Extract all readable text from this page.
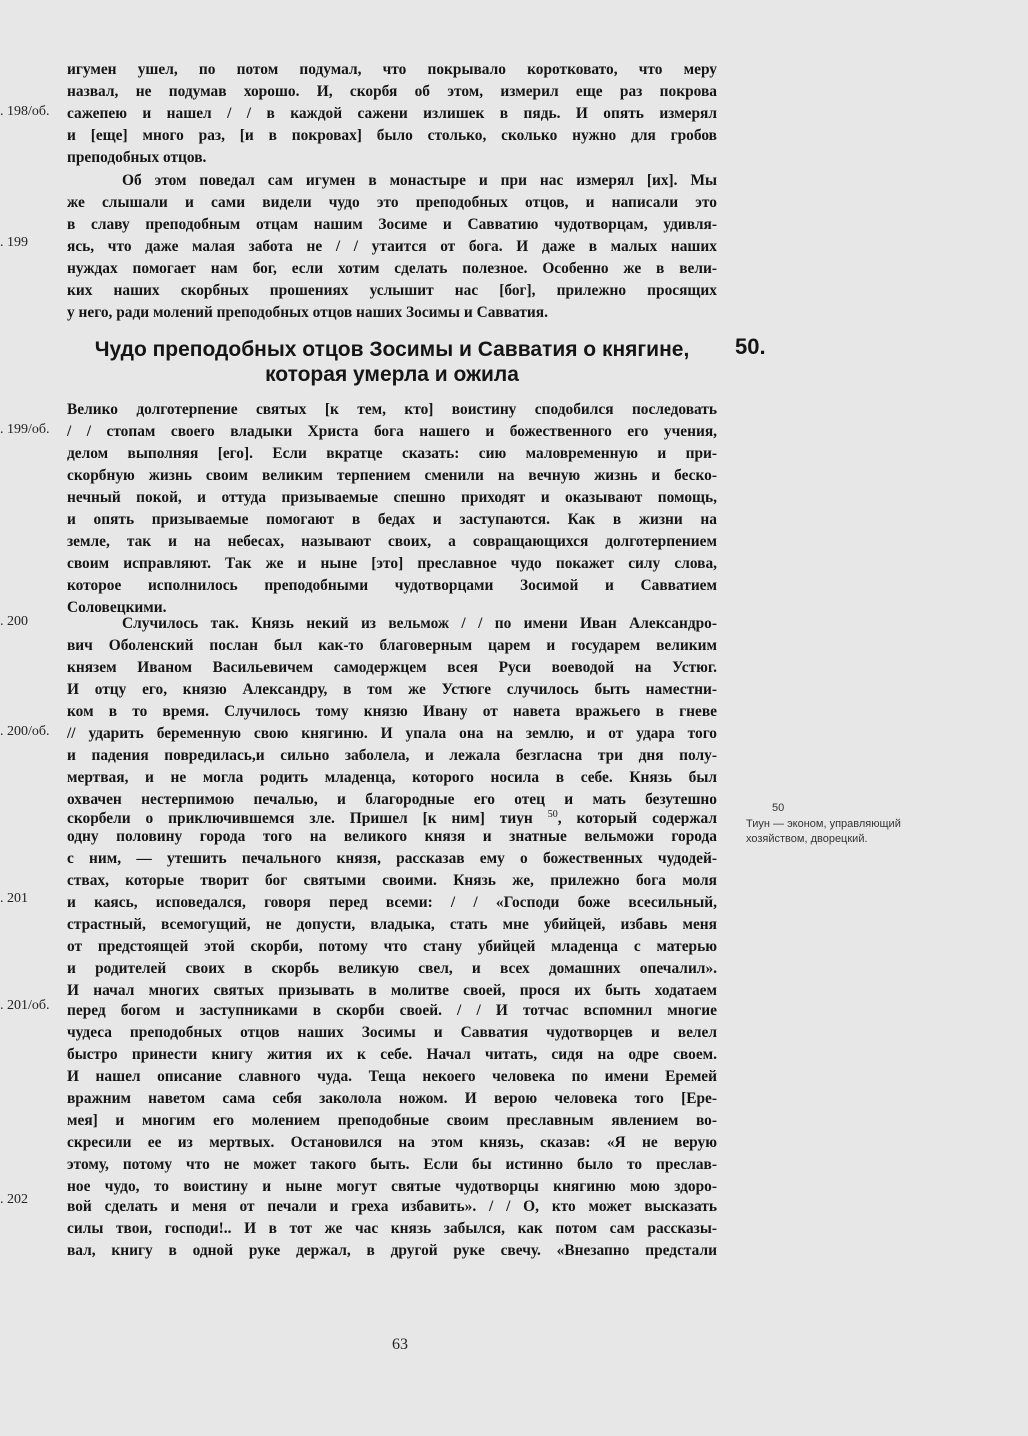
игумен ушел, по потом подумал, что покрывало коротковато, что меру
назвал, не подумав хорошо. И, скорбя об этом, измерил еще раз покрова
сажепею и нашел / / в каждой сажени излишек в пядь. И опять измерял
и [еще] много раз, [и в покровах] было столько, сколько нужно для гробов
преподобных отцов.
Об этом поведал сам игумен в монастыре и при нас измерял [их]. Мы
же слышали и сами видели чудо это преподобных отцов, и написали это
в славу преподобным отцам нашим Зосиме и Савватию чудотворцам, удивля-
ясь, что даже малая забота не / / утаится от бога. И даже в малых наших
нуждах помогает нам бог, если хотим сделать полезное. Особенно же в вели-
ких наших скорбных прошениях услышит нас [бог], прилежно просящих
у него, ради молений преподобных отцов наших Зосимы и Савватия.
Чудо преподобных отцов Зосимы и Савватия о княгине,
которая умерла и ожила
50.
Велико долготерпение святых [к тем, кто] воистину сподобился последовать
/ / стопам своего владыки Христа бога нашего и божественного его учения,
делом выполняя [его]. Если вкратце сказать: сию маловременную и при-
скорбную жизнь своим великим терпением сменили на вечную жизнь и беско-
нечный покой, и оттуда призываемые спешно приходят и оказывают помощь,
и опять призываемые помогают в бедах и заступаются. Как в жизни на
земле, так и на небесах, называют своих, а совращающихся долготерпением
своим исправляют. Так же и ныне [это] преславное чудо покажет силу слова,
которое исполнилось преподобными чудотворцами Зосимой и Савватием
Соловецкими.
Случилось так. Князь некий из вельмож / / по имени Иван Александро-
вич Оболенский послан был как-то благоверным царем и государем великим
князем Иваном Васильевичем самодержцем всея Руси воеводой на Устюг.
И отцу его, князю Александру, в том же Устюге случилось быть наместни-
ком в то время. Случилось тому князю Ивану от навета вражьего в гневе
// ударить беременную свою княгиню. И упала она на землю, и от удара того
и падения повредилась,и сильно заболела, и лежала безгласна три дня полу-
мертвая, и не могла родить младенца, которого носила в себе. Князь был
охвачен нестерпимою печалью, и благородные его отец и мать безутешно
скорбели о приключившемся зле. Пришел [к ним] тиун $^{50}$, который содержал
одну половину города того на великого князя и знатные вельможи города
с ним, — утешить печального князя, рассказав ему о божественных чудодей-
ствах, которые творит бог святыми своими. Князь же, прилежно бога моля
и каясь, исповедался, говоря перед всеми: / / «Господи боже всесильный,
страстный, всемогущий, не допусти, владыка, стать мне убийцей, избавь меня
от предстоящей этой скорби, потому что стану убийцей младенца с матерью
и родителей своих в скорбь великую свел, и всех домашних опечалил».
И начал многих святых призывать в молитве своей, прося их быть ходатаем
перед богом и заступниками в скорби своей. / / И тотчас вспомнил многие
чудеса преподобных отцов наших Зосимы и Савватия чудотворцев и велел
быстро принести книгу жития их к себе. Начал читать, сидя на одре своем.
И нашел описание славного чуда. Теща некоего человека по имени Еремей
вражним наветом сама себя заколола ножом. И верою человека того [Ере-
мея] и многим его молением преподобные своим преславным явлением во-
скресили ее из мертвых. Остановился на этом князь, сказав: «Я не верую
этому, потому что не может такого быть. Если бы истинно было то преслав-
ное чудо, то воистину и ныне могут святые чудотворцы княгиню мою здоро-
вой сделать и меня от печали и греха избавить». / / О, кто может высказать
силы твои, господи!.. И в тот же час князь забылся, как потом сам рассказы-
вал, книгу в одной руке держал, в другой руке свечу. «Внезапно предстали
. 198/об.
. 199
. 199/об.
. 200
. 200/об.
. 201
. 201/об.
. 202
50
Тиун — эконом, управляющий
хозяйством, дворецкий.
63
